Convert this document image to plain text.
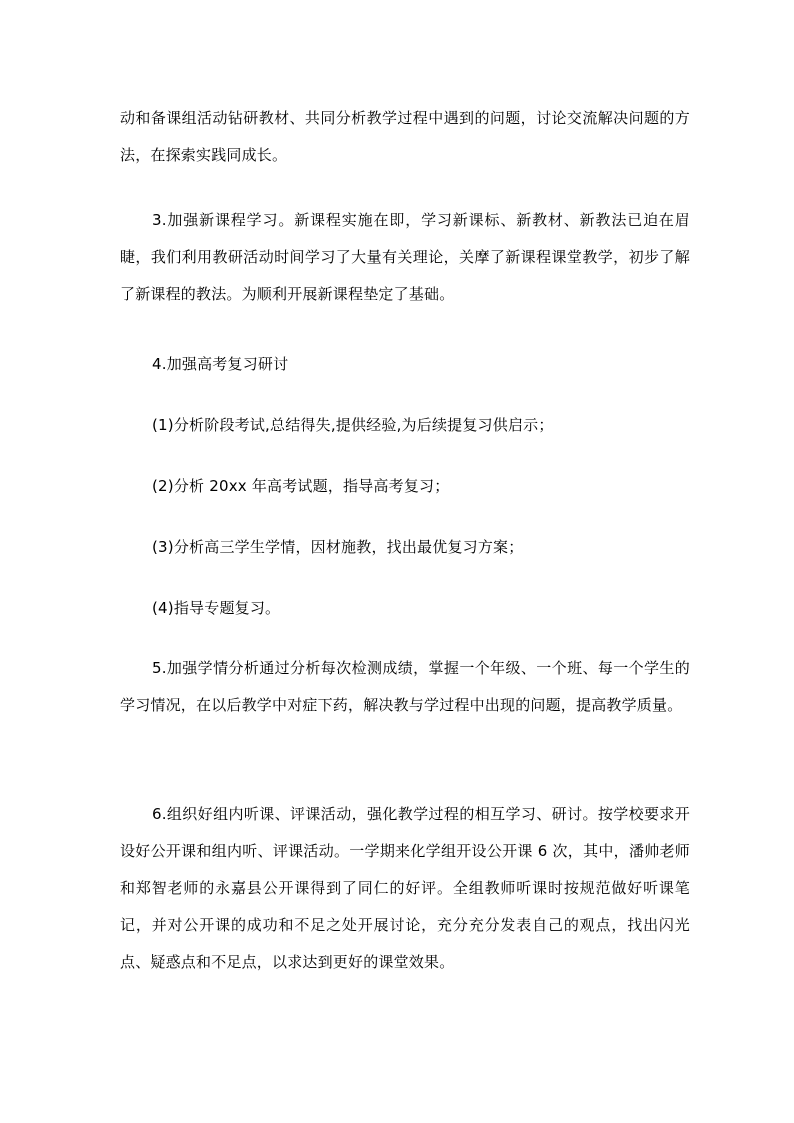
动和备课组活动钻研教材、共同分析教学过程中遇到的问题，讨论交流解决问题的方法，在探索实践同成长。

3.加强新课程学习。新课程实施在即，学习新课标、新教材、新教法已迫在眉睫，我们利用教研活动时间学习了大量有关理论，关摩了新课程课堂教学，初步了解了新课程的教法。为顺利开展新课程垫定了基础。

4.加强高考复习研讨

(1)分析阶段考试,总结得失,提供经验,为后续提复习供启示；

(2)分析 20xx 年高考试题，指导高考复习；

(3)分析高三学生学情，因材施教，找出最优复习方案；

(4)指导专题复习。

5.加强学情分析通过分析每次检测成绩，掌握一个年级、一个班、每一个学生的学习情况，在以后教学中对症下药，解决教与学过程中出现的问题，提高教学质量。

6.组织好组内听课、评课活动，强化教学过程的相互学习、研讨。按学校要求开设好公开课和组内听、评课活动。一学期来化学组开设公开课 6 次，其中，潘帅老师和郑智老师的永嘉县公开课得到了同仁的好评。全组教师听课时按规范做好听课笔记，并对公开课的成功和不足之处开展讨论，充分充分发表自己的观点，找出闪光点、疑惑点和不足点，以求达到更好的课堂效果。
